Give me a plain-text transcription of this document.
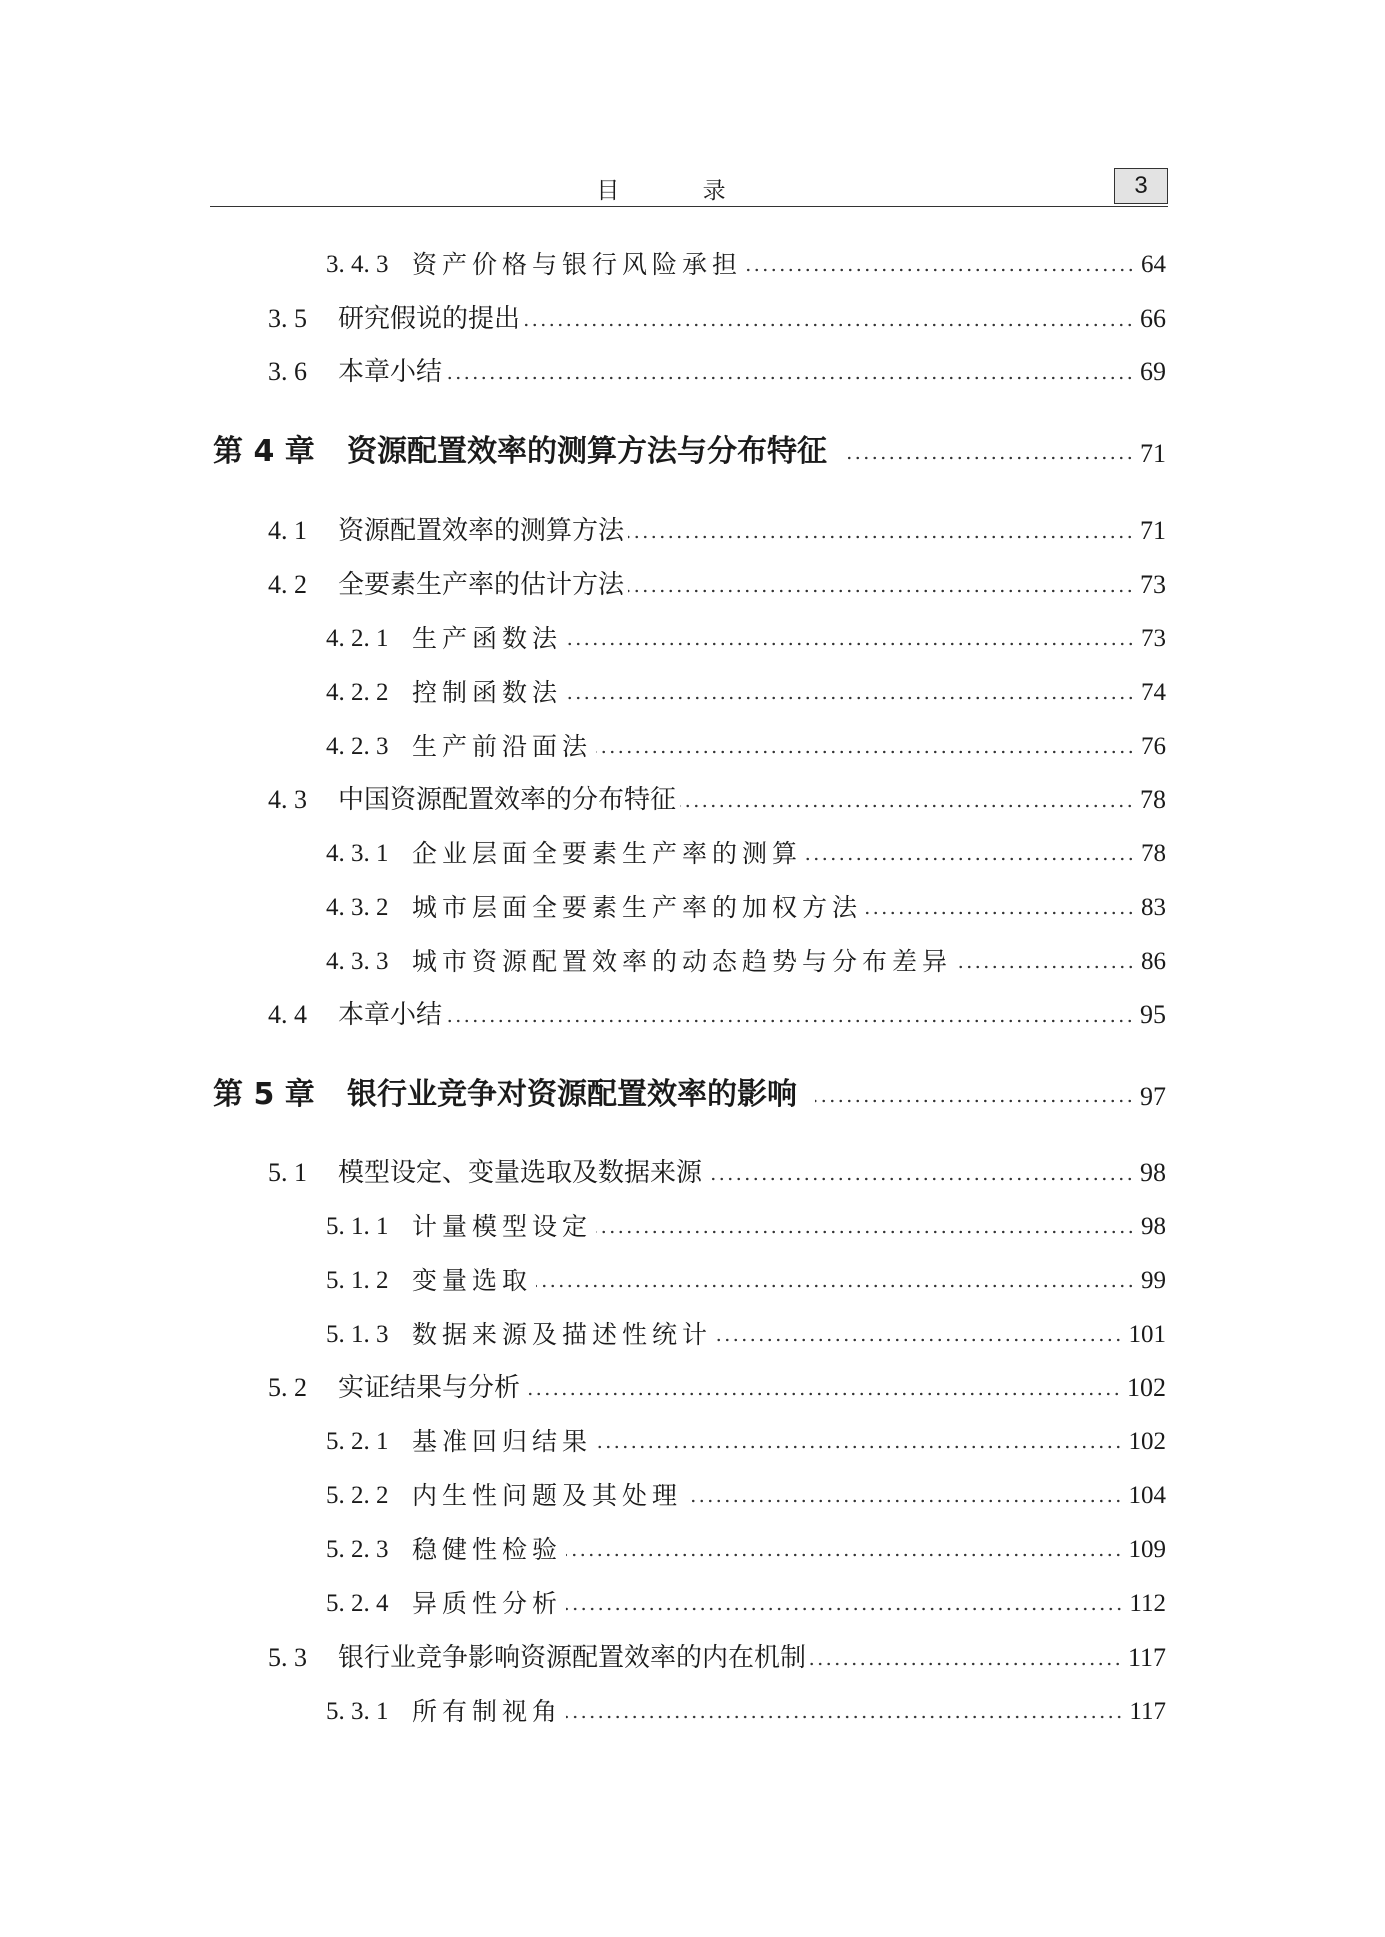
目 录	3
3. 4. 3 资产价格与银行风险承担	64
3. 5	研究假说的提出	66
3. 6	本章小结	69
第 4 章	资源配置效率的测算方法与分布特征	71
4. 1	资源配置效率的测算方法	71
4. 2	全要素生产率的估计方法	73
4. 2. 1 生产函数法	73
4. 2. 2 控制函数法	74
4. 2. 3 生产前沿面法	76
4. 3	中国资源配置效率的分布特征	78
4. 3. 1 企业层面全要素生产率的测算	78
4. 3. 2 城市层面全要素生产率的加权方法	83
4. 3. 3 城市资源配置效率的动态趋势与分布差异	86
4. 4	本章小结	95
第 5 章	银行业竞争对资源配置效率的影响	97
5. 1	模型设定、变量选取及数据来源	98
5. 1. 1 计量模型设定	98
5. 1. 2 变量选取	99
5. 1. 3 数据来源及描述性统计	101
5. 2	实证结果与分析	102
5. 2. 1 基准回归结果	102
5. 2. 2 内生性问题及其处理	104
5. 2. 3 稳健性检验	109
5. 2. 4 异质性分析	112
5. 3	银行业竞争影响资源配置效率的内在机制	117
5. 3. 1 所有制视角	117
